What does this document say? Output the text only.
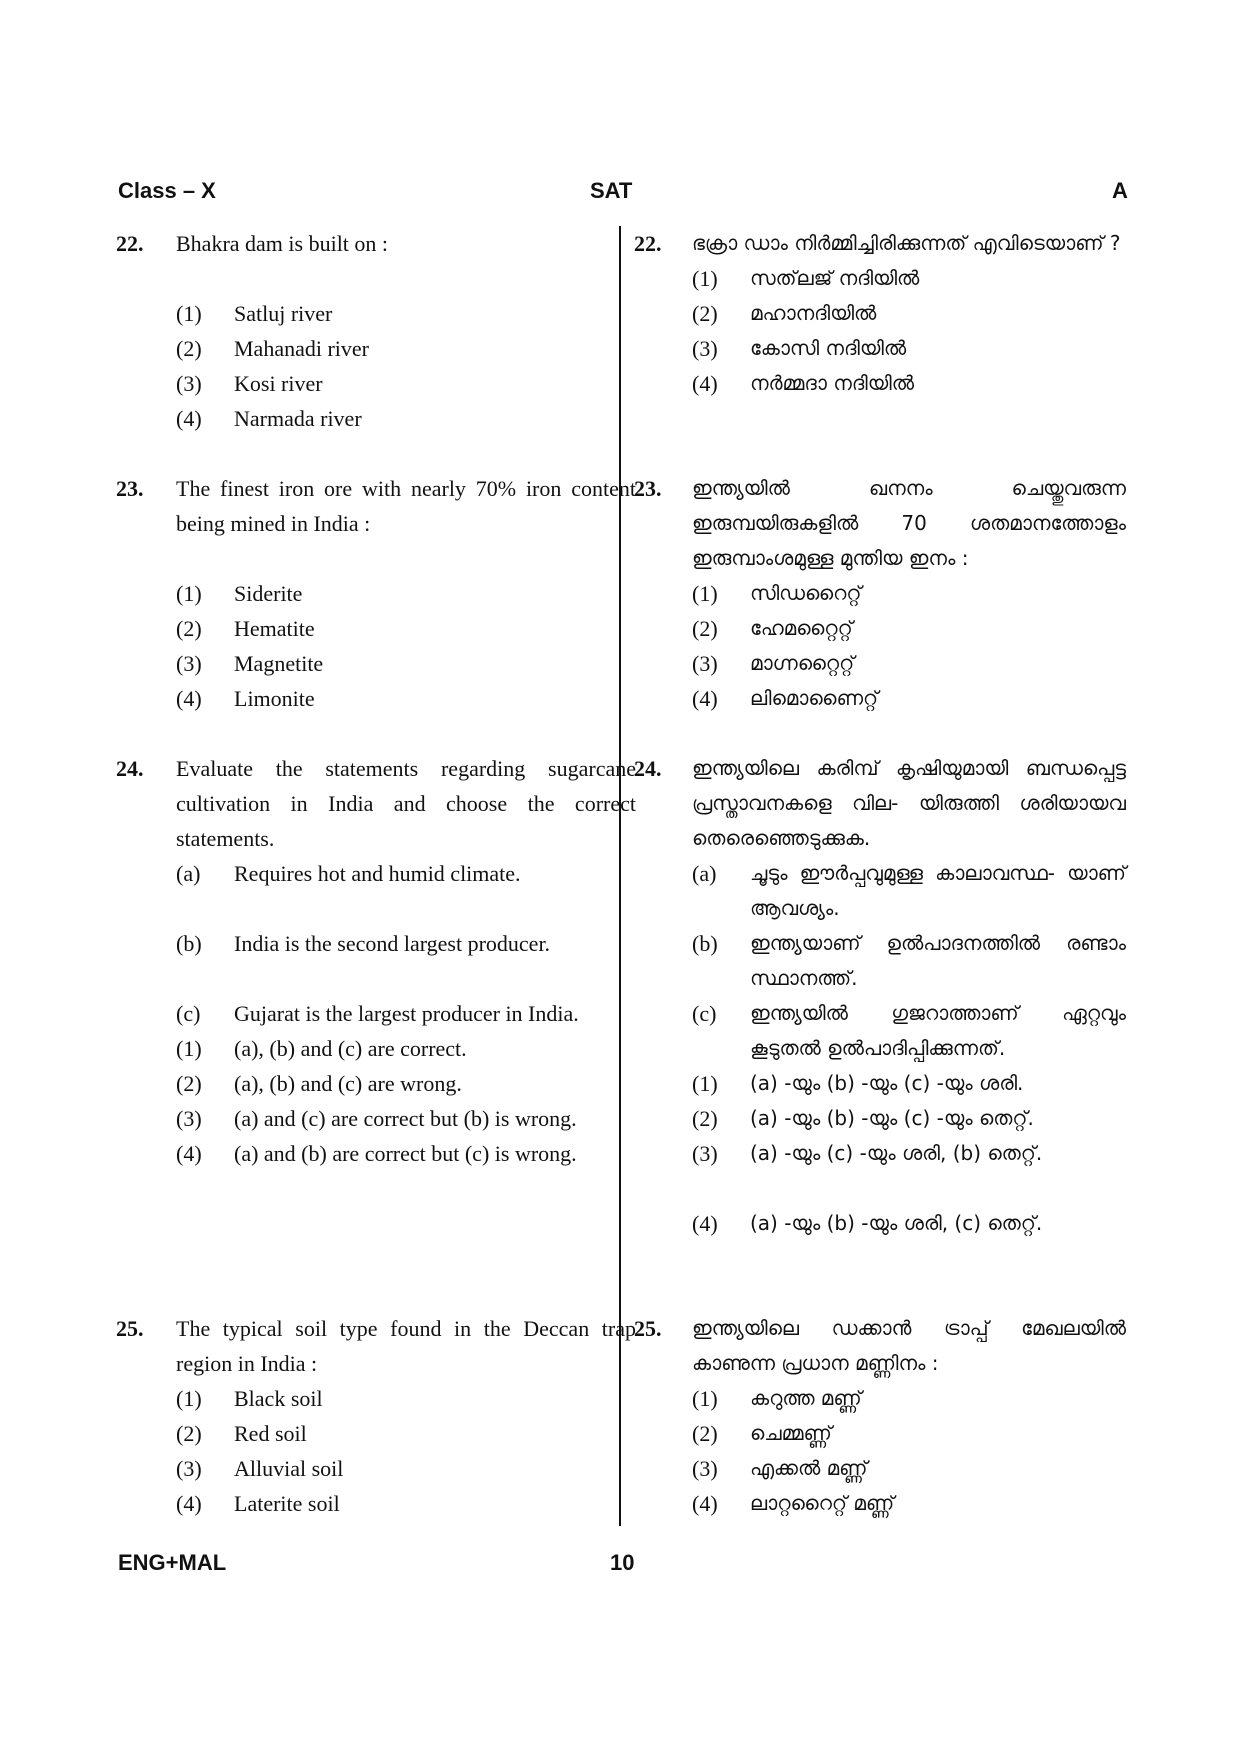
Class – X	SAT	A
22.	Bhakra dam is built on :
(1)	Satluj river
(2)	Mahanadi river
(3)	Kosi river
(4)	Narmada river
23.	The finest iron ore with nearly 70% iron content being mined in India :
(1)	Siderite
(2)	Hematite
(3)	Magnetite
(4)	Limonite
24.	Evaluate the statements regarding sugarcane cultivation in India and choose the correct statements.
(a)	Requires hot and humid climate.
(b)	India is the second largest producer.
(c)	Gujarat is the largest producer in India.
(1)	(a), (b) and (c) are correct.
(2)	(a), (b) and (c) are wrong.
(3)	(a) and (c) are correct but (b) is wrong.
(4)	(a) and (b) are correct but (c) is wrong.
25.	The typical soil type found in the Deccan trap region in India :
(1)	Black soil
(2)	Red soil
(3)	Alluvial soil
(4)	Laterite soil
22.	ഭക്രാ ഡാം നിർമ്മിച്ചിരിക്കുന്നത് എവിടെയാണ് ?
(1)	സത്‌ലജ് നദിയിൽ
(2)	മഹാനദിയിൽ
(3)	കോസി നദിയിൽ
(4)	നർമ്മദാ നദിയിൽ
23.	ഇന്ത്യയിൽ ഖനനം ചെയ്തുവരുന്ന ഇരുമ്പയിരുകളിൽ 70 ശതമാനത്തോളം ഇരുമ്പാംശമുള്ള മുന്തിയ ഇനം :
(1)	സിഡറൈറ്റ്
(2)	ഹേമറ്റൈറ്റ്
(3)	മാഗ്നറ്റൈറ്റ്
(4)	ലിമൊണൈറ്റ്
24.	ഇന്ത്യയിലെ കരിമ്പ് കൃഷിയുമായി ബന്ധപ്പെട്ട പ്രസ്താവനകളെ വില- യിരുത്തി ശരിയായവ തെരെഞ്ഞെടുക്കുക.
(a)	ചൂടും ഈർപ്പവുമുള്ള കാലാവസ്ഥ- യാണ് ആവശ്യം.
(b)	ഇന്ത്യയാണ് ഉൽപാദനത്തിൽ രണ്ടാം സ്ഥാനത്ത്.
(c)	ഇന്ത്യയിൽ ഗുജറാത്താണ് ഏറ്റവും കൂടുതൽ ഉൽപാദിപ്പിക്കുന്നത്.
(1)	(a) -യും (b) -യും (c) -യും ശരി.
(2)	(a) -യും (b) -യും (c) -യും തെറ്റ്.
(3)	(a) -യും (c) -യും ശരി, (b) തെറ്റ്.
(4)	(a) -യും (b) -യും ശരി, (c) തെറ്റ്.
25.	ഇന്ത്യയിലെ ഡക്കാൻ ട്രാപ്പ് മേഖലയിൽ കാണുന്ന പ്രധാന മണ്ണിനം :
(1)	കറുത്ത മണ്ണ്
(2)	ചെമ്മണ്ണ്
(3)	എക്കൽ മണ്ണ്
(4)	ലാറ്ററൈറ്റ് മണ്ണ്
ENG+MAL	10
